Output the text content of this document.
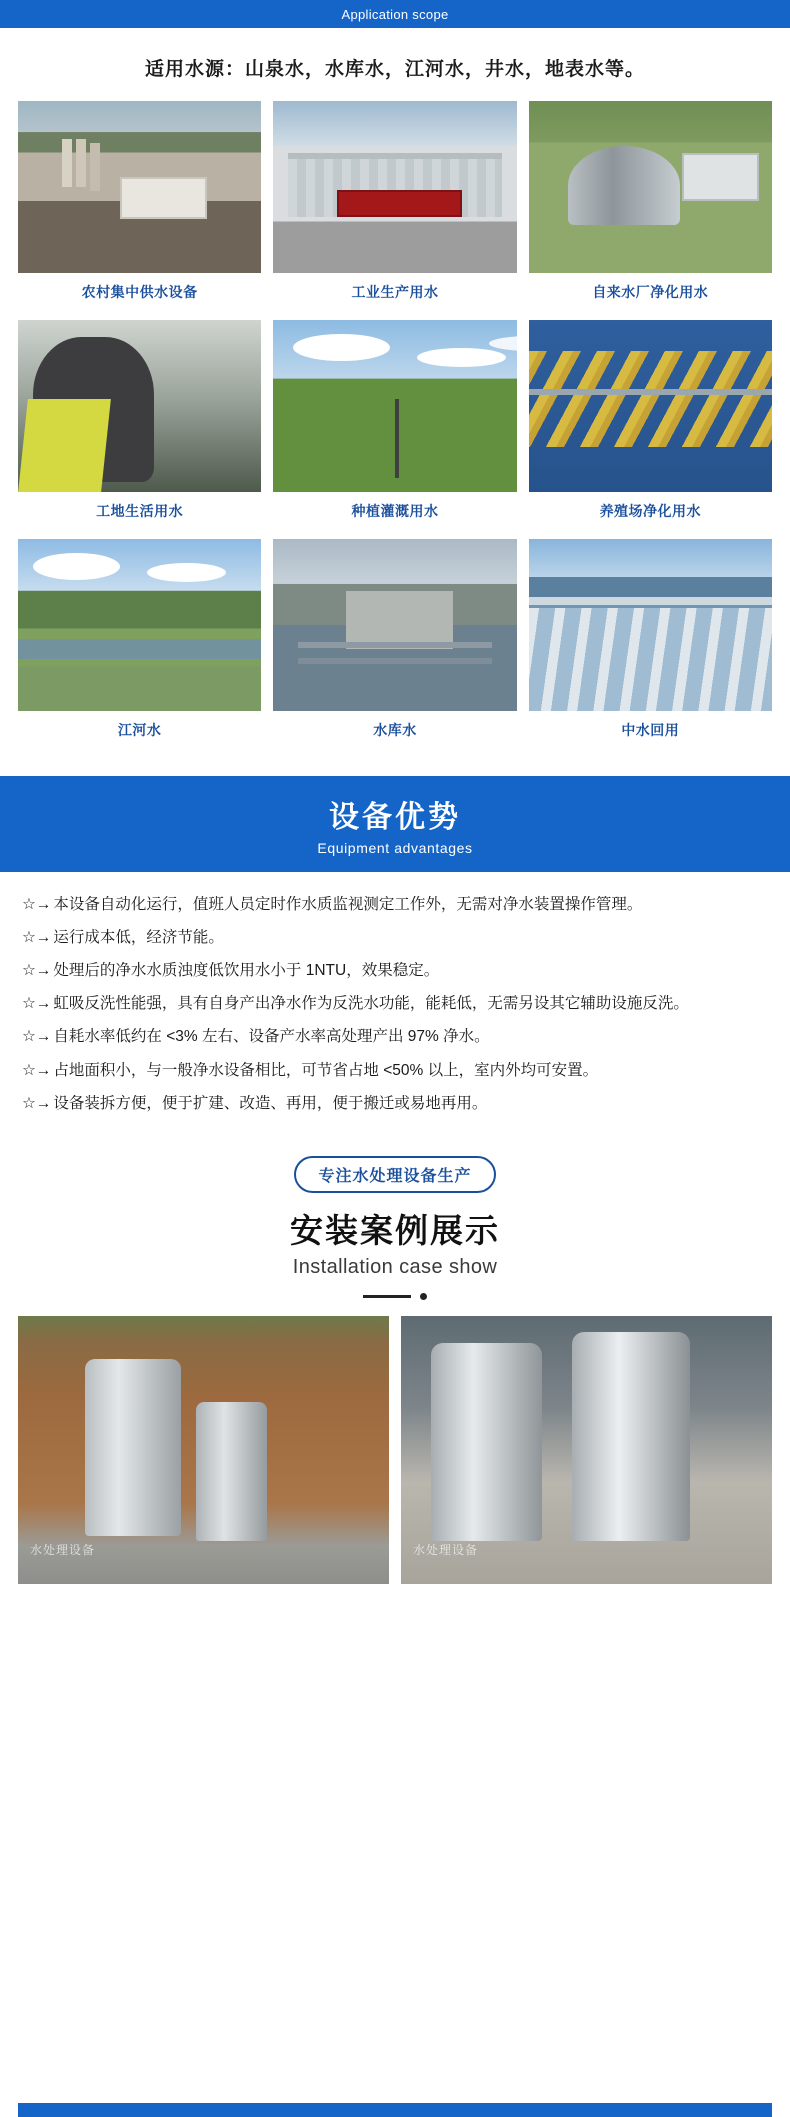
Application scope
适用水源：山泉水，水库水，江河水，井水，地表水等。
农村集中供水设备	工业生产用水	自来水厂净化用水
工地生活用水	种植灌溉用水	养殖场净化用水
江河水	水库水	中水回用
设备优势
Equipment advantages
☆→ 本设备自动化运行，值班人员定时作水质监视测定工作外，无需对净水装置操作管理。
☆→ 运行成本低，经济节能。
☆→ 处理后的净水水质浊度低饮用水小于 1NTU，效果稳定。
☆→ 虹吸反洗性能强，具有自身产出净水作为反洗水功能，能耗低，无需另设其它辅助设施反洗。
☆→ 自耗水率低约在 <3% 左右、设备产水率高处理产出 97% 净水。
☆→ 占地面积小，与一般净水设备相比，可节省占地 <50% 以上，室内外均可安置。
☆→ 设备装拆方便，便于扩建、改造、再用，便于搬迁或易地再用。
专注水处理设备生产
安装案例展示
Installation case show
水处理设备	水处理设备
